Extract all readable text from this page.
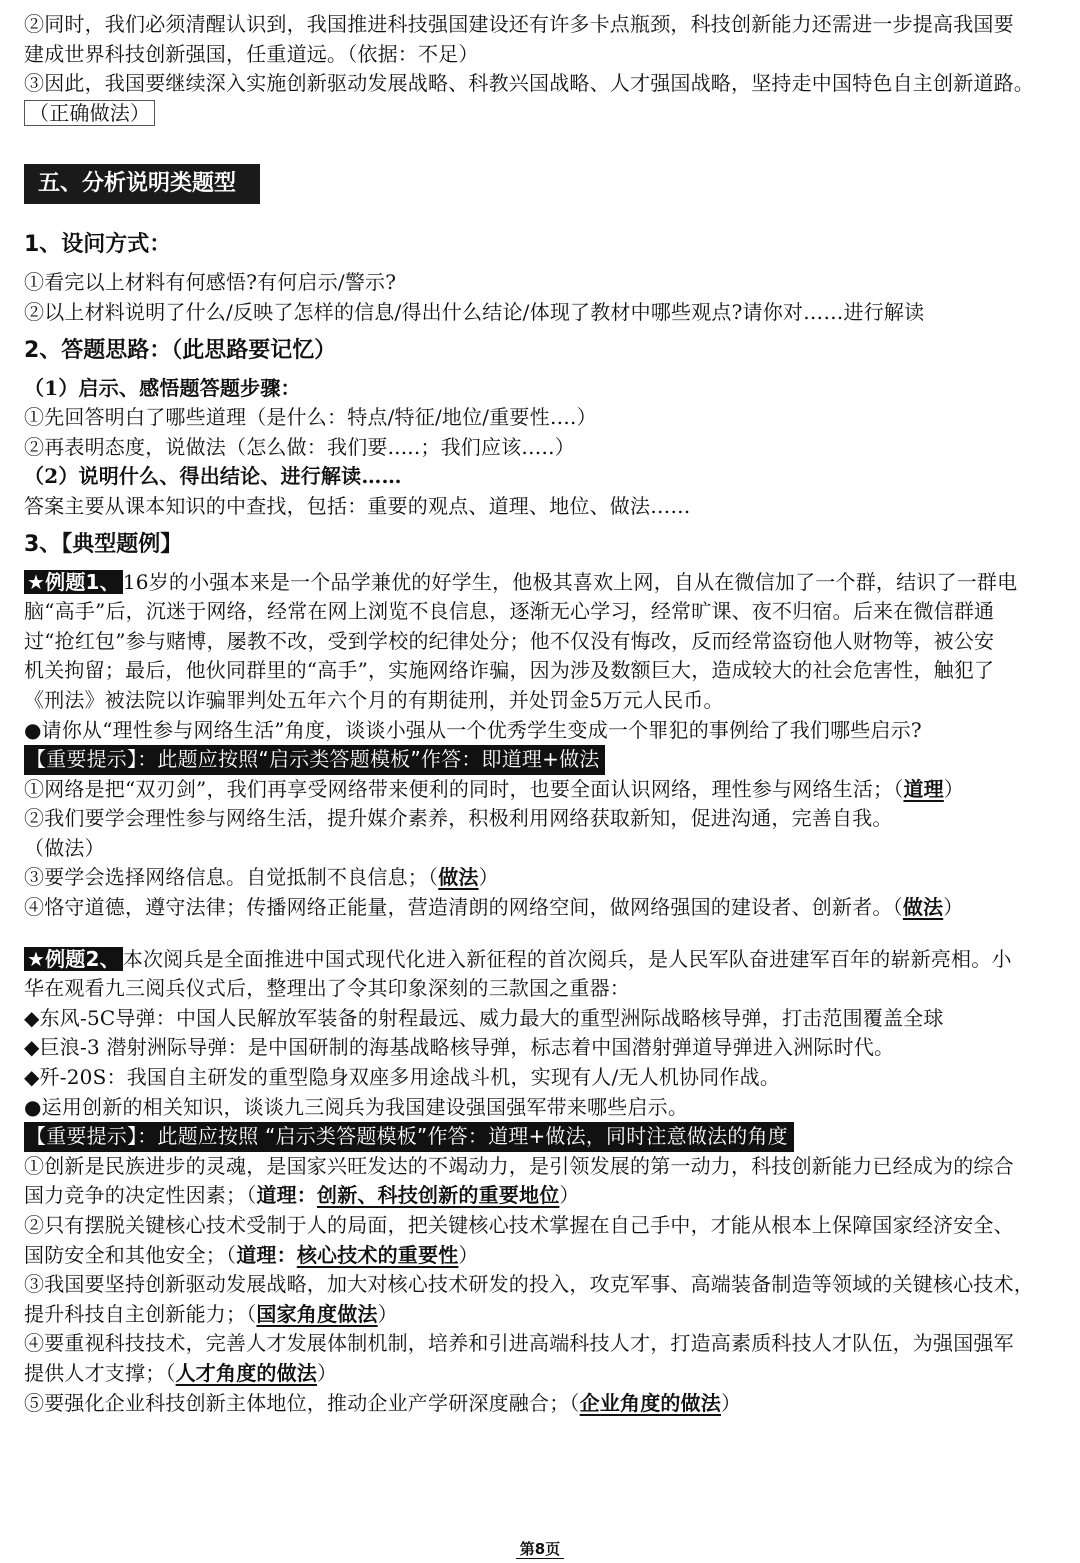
②同时，我们必须清醒认识到，我国推进科技强国建设还有许多卡点瓶颈，科技创新能力还需进一步提高我国要
建成世界科技创新强国，任重道远。（依据：不足）
③因此，我国要继续深入实施创新驱动发展战略、科教兴国战略、人才强国战略，坚持走中国特色自主创新道路。
（正确做法）
五、分析说明类题型
1、设问方式：
①看完以上材料有何感悟?有何启示/警示?
②以上材料说明了什么/反映了怎样的信息/得出什么结论/体现了教材中哪些观点?请你对……进行解读
2、答题思路：（此思路要记忆）
（1）启示、感悟题答题步骤：
①先回答明白了哪些道理（是什么：特点/特征/地位/重要性….）
②再表明态度，说做法（怎么做：我们要.....；我们应该.….）
（2）说明什么、得出结论、进行解读……
答案主要从课本知识的中查找，包括：重要的观点、道理、地位、做法……
3、【典型题例】
★例题1、 16岁的小强本来是一个品学兼优的好学生，他极其喜欢上网，自从在微信加了一个群，结识了一群电
脑“高手”后，沉迷于网络，经常在网上浏览不良信息，逐渐无心学习，经常旷课、夜不归宿。后来在微信群通
过“抢红包”参与赌博，屡教不改，受到学校的纪律处分；他不仅没有悔改，反而经常盗窃他人财物等，被公安
机关拘留；最后，他伙同群里的“高手”，实施网络诈骗，因为涉及数额巨大，造成较大的社会危害性，触犯了
《刑法》被法院以诈骗罪判处五年六个月的有期徒刑，并处罚金5万元人民币。
●请你从“理性参与网络生活”角度，谈谈小强从一个优秀学生变成一个罪犯的事例给了我们哪些启示?
【重要提示】：此题应按照“启示类答题模板”作答：即道理+做法
①网络是把“双刃剑”，我们再享受网络带来便利的同时，也要全面认识网络，理性参与网络生活；（道理）
②我们要学会理性参与网络生活，提升媒介素养，积极利用网络获取新知，促进沟通，完善自我。
（做法）
③要学会选择网络信息。自觉抵制不良信息；（做法）
④恪守道德，遵守法律；传播网络正能量，营造清朗的网络空间，做网络强国的建设者、创新者。（做法）
★例题2、 本次阅兵是全面推进中国式现代化进入新征程的首次阅兵，是人民军队奋进建军百年的崭新亮相。小
华在观看九三阅兵仪式后，整理出了令其印象深刻的三款国之重器：
◆东风-5C导弹：中国人民解放军装备的射程最远、威力最大的重型洲际战略核导弹，打击范围覆盖全球
◆巨浪-3 潜射洲际导弹：是中国研制的海基战略核导弹，标志着中国潜射弹道导弹进入洲际时代。
◆歼-20S：我国自主研发的重型隐身双座多用途战斗机，实现有人/无人机协同作战。
●运用创新的相关知识，谈谈九三阅兵为我国建设强国强军带来哪些启示。
【重要提示】：此题应按照 “启示类答题模板”作答：道理+做法，同时注意做法的角度
①创新是民族进步的灵魂，是国家兴旺发达的不竭动力，是引领发展的第一动力，科技创新能力已经成为的综合
国力竞争的决定性因素；（道理：创新、科技创新的重要地位）
②只有摆脱关键核心技术受制于人的局面，把关键核心技术掌握在自己手中，才能从根本上保障国家经济安全、
国防安全和其他安全；（道理：核心技术的重要性）
③我国要坚持创新驱动发展战略，加大对核心技术研发的投入，攻克军事、高端装备制造等领域的关键核心技术，
提升科技自主创新能力；（国家角度做法）
④要重视科技技术，完善人才发展体制机制，培养和引进高端科技人才，打造高素质科技人才队伍，为强国强军
提供人才支撑；（人才角度的做法）
⑤要强化企业科技创新主体地位，推动企业产学研深度融合；（企业角度的做法）
第8页
